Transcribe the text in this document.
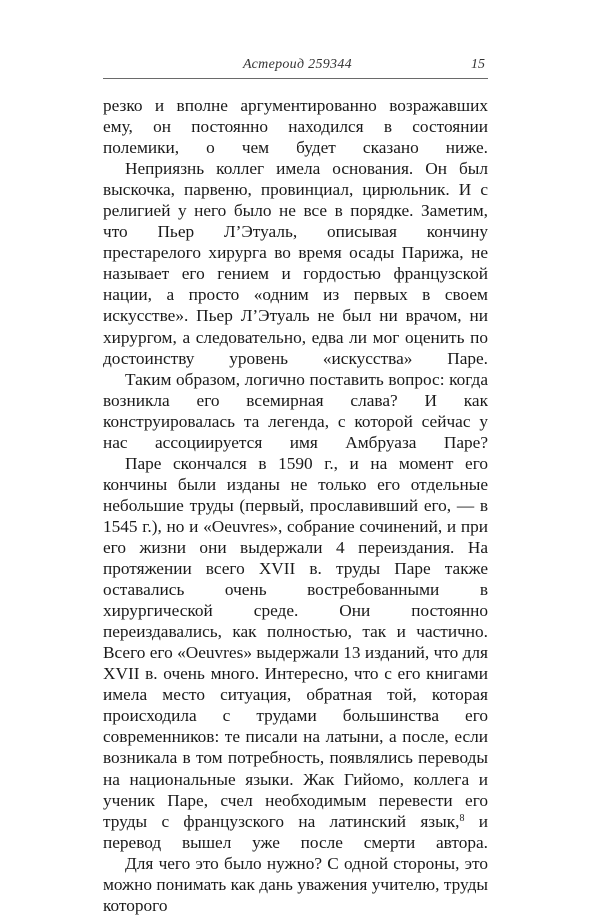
Астероид 259344	15

резко и вполне аргументированно возражавших ему, он постоянно находился в состоянии полемики, о чем будет сказано ниже.

Неприязнь коллег имела основания. Он был выскочка, парвеню, провинциал, цирюльник. И с религией у него было не все в порядке. Заметим, что Пьер Л’Этуаль, описывая кончину престарелого хирурга во время осады Парижа, не называет его гением и гордостью французской нации, а просто «одним из первых в своем искусстве». Пьер Л’Этуаль не был ни врачом, ни хирургом, а следовательно, едва ли мог оценить по достоинству уровень «искусства» Паре.

Таким образом, логично поставить вопрос: когда возникла его всемирная слава? И как конструировалась та легенда, с которой сейчас у нас ассоциируется имя Амбруаза Паре?

Паре скончался в 1590 г., и на момент его кончины были изданы не только его отдельные небольшие труды (первый, прославивший его, — в 1545 г.), но и «Oeuvres», собрание сочинений, и при его жизни они выдержали 4 переиздания. На протяжении всего XVII в. труды Паре также оставались очень востребованными в хирургической среде. Они постоянно переиздавались, как полностью, так и частично. Всего его «Oeuvres» выдержали 13 изданий, что для XVII в. очень много. Интересно, что с его книгами имела место ситуация, обратная той, которая происходила с трудами большинства его современников: те писали на латыни, а после, если возникала в том потребность, появлялись переводы на национальные языки. Жак Гийомо, коллега и ученик Паре, счел необходимым перевести его труды с французского на латинский язык,$^8$ и перевод вышел уже после смерти автора.

Для чего это было нужно? С одной стороны, это можно понимать как дань уважения учителю, труды которого
